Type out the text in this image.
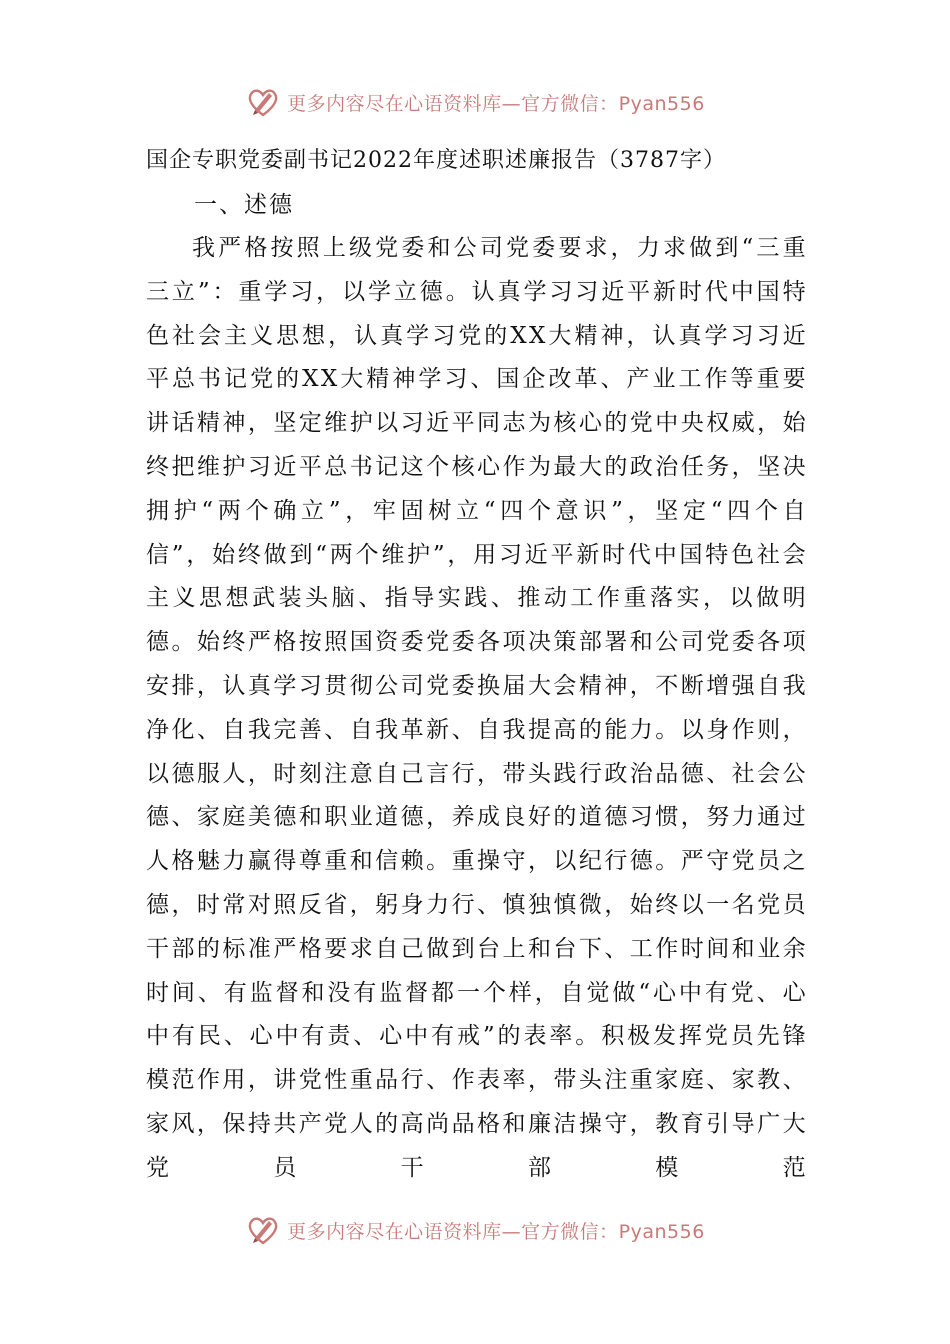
更多内容尽在心语资料库—官方微信：Pyan556
国企专职党委副书记2022年度述职述廉报告（3787字）
一、述德

我严格按照上级党委和公司党委要求，力求做到“三重三立”：重学习，以学立德。认真学习习近平新时代中国特色社会主义思想，认真学习党的XX大精神，认真学习习近平总书记党的XX大精神学习、国企改革、产业工作等重要讲话精神，坚定维护以习近平同志为核心的党中央权威，始终把维护习近平总书记这个核心作为最大的政治任务，坚决拥护“两个确立”，牢固树立“四个意识”，坚定“四个自信”，始终做到“两个维护”，用习近平新时代中国特色社会主义思想武装头脑、指导实践、推动工作重落实，以做明德。始终严格按照国资委党委各项决策部署和公司党委各项安排，认真学习贯彻公司党委换届大会精神，不断增强自我净化、自我完善、自我革新、自我提高的能力。以身作则，以德服人，时刻注意自己言行，带头践行政治品德、社会公德、家庭美德和职业道德，养成良好的道德习惯，努力通过人格魅力赢得尊重和信赖。重操守，以纪行德。严守党员之德，时常对照反省，躬身力行、慎独慎微，始终以一名党员干部的标准严格要求自己做到台上和台下、工作时间和业余时间、有监督和没有监督都一个样，自觉做“心中有党、心中有民、心中有责、心中有戒”的表率。积极发挥党员先锋模范作用，讲党性重品行、作表率，带头注重家庭、家教、家风，保持共产党人的高尚品格和廉洁操守，教育引导广大党员干部模范

更多内容尽在心语资料库—官方微信：Pyan556
